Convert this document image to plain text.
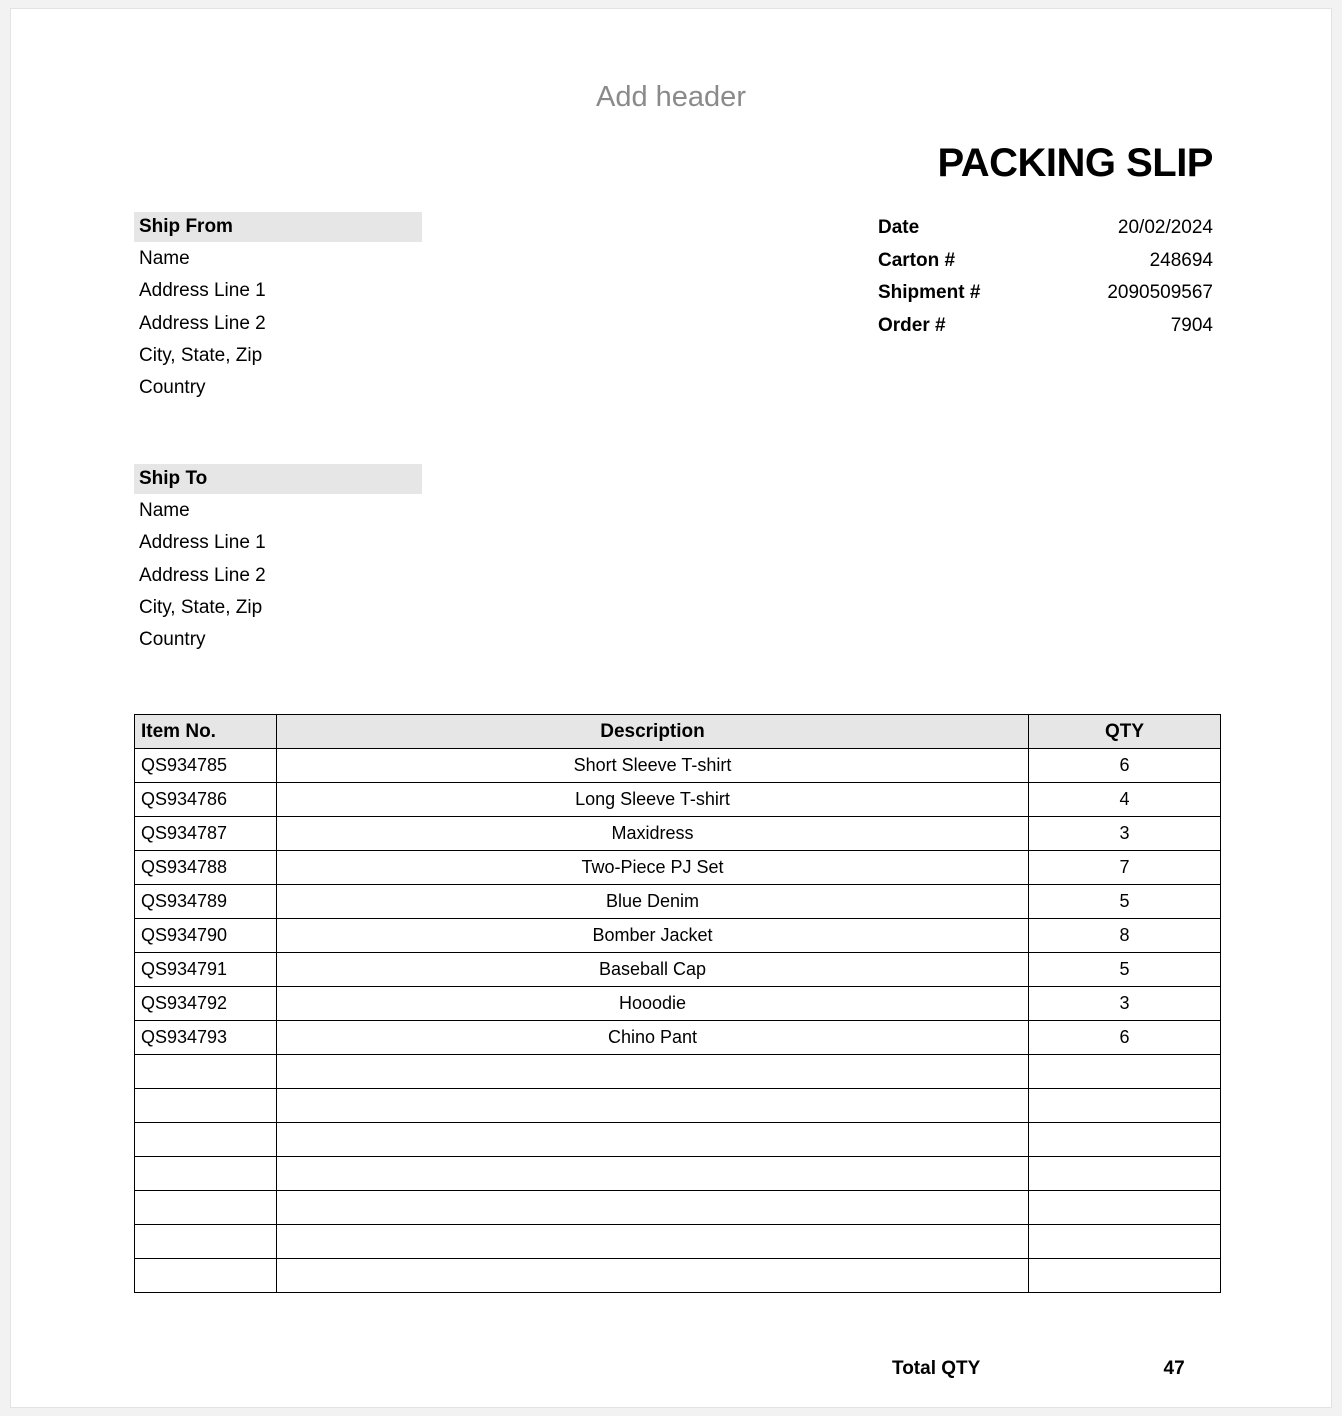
Add header
PACKING SLIP
Date	20/02/2024
Carton #	248694
Shipment #	2090509567
Order #	7904
Ship From
Name
Address Line 1
Address Line 2
City, State, Zip
Country
Ship To
Name
Address Line 1
Address Line 2
City, State, Zip
Country
Item No.	Description	QTY
QS934785	Short Sleeve T-shirt	6
QS934786	Long Sleeve T-shirt	4
QS934787	Maxidress	3
QS934788	Two-Piece PJ Set	7
QS934789	Blue Denim	5
QS934790	Bomber Jacket	8
QS934791	Baseball Cap	5
QS934792	Hooodie	3
QS934793	Chino Pant	6

Total QTY	47
